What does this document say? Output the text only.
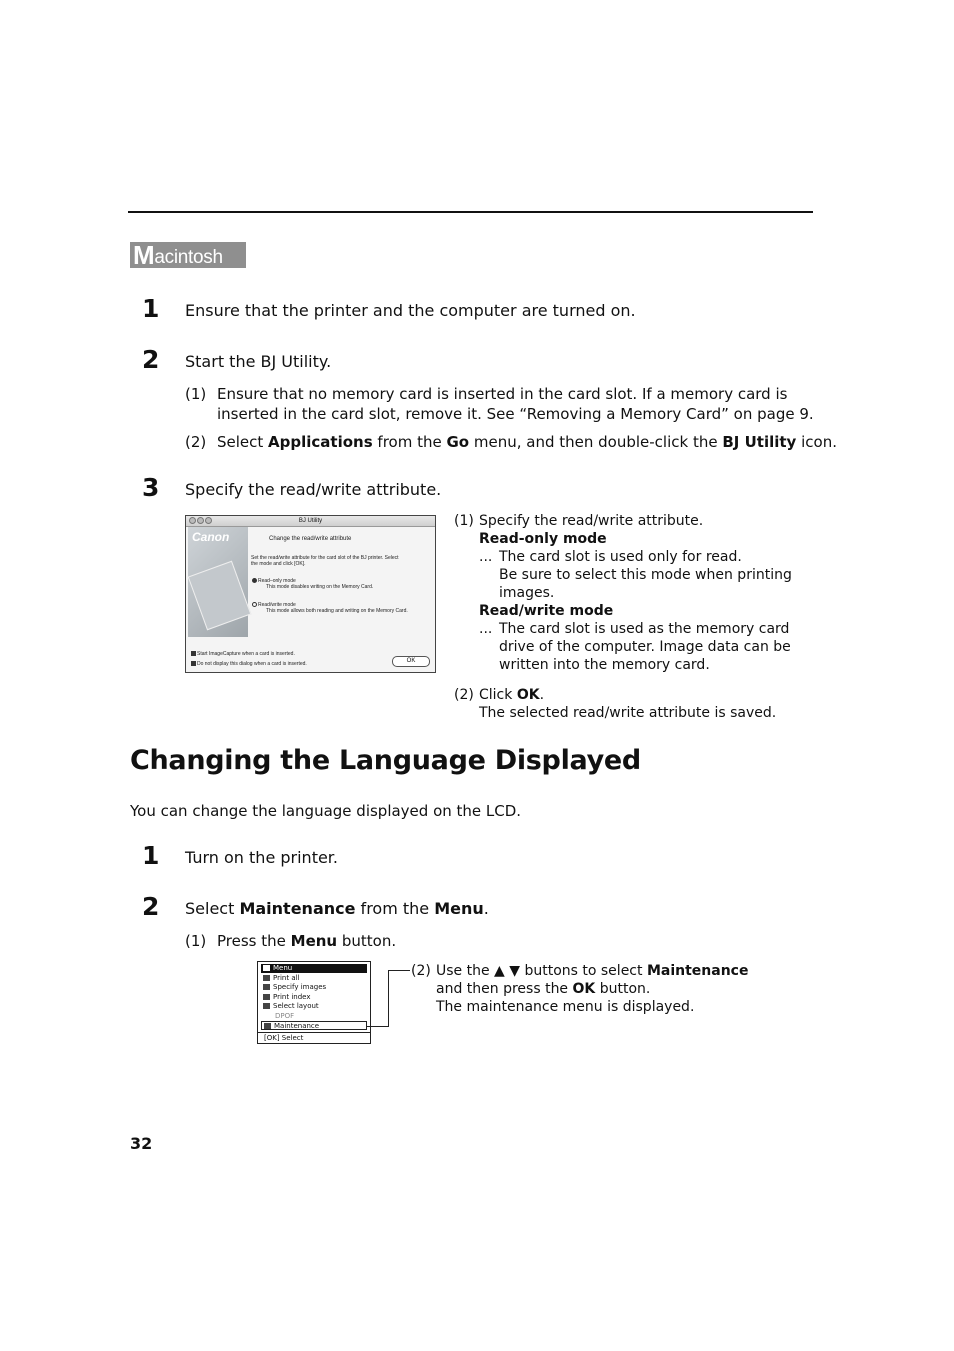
Macintosh
1 Ensure that the printer and the computer are turned on.
2 Start the BJ Utility.
(1) Ensure that no memory card is inserted in the card slot. If a memory card is
inserted in the card slot, remove it. See “Removing a Memory Card” on page 9.
(2) Select Applications from the Go menu, and then double-click the BJ Utility icon.
3 Specify the read/write attribute.
BJ Utility
Canon	Change the read/write attribute
Set the read/write attribute for the card slot of the BJ printer. Select
the mode and click [OK].
Read–only mode
This mode disables writing on the Memory Card.
Read/write mode
This mode allows both reading and writing on the Memory Card.
Start ImageCapture when a card is inserted.
Do not display this dialog when a card is inserted.	OK
(1) Specify the read/write attribute.
Read-only mode
... The card slot is used only for read.
Be sure to select this mode when printing
images.
Read/write mode
... The card slot is used as the memory card
drive of the computer. Image data can be
written into the memory card.
(2) Click OK.
The selected read/write attribute is saved.
Changing the Language Displayed
You can change the language displayed on the LCD.
1 Turn on the printer.
2 Select Maintenance from the Menu.
(1) Press the Menu button.
Menu
Print all
Specify images
Print index
Select layout
DPOF
Maintenance
[OK] Select
(2) Use the ▲ ▼ buttons to select Maintenance
and then press the OK button.
The maintenance menu is displayed.
32
